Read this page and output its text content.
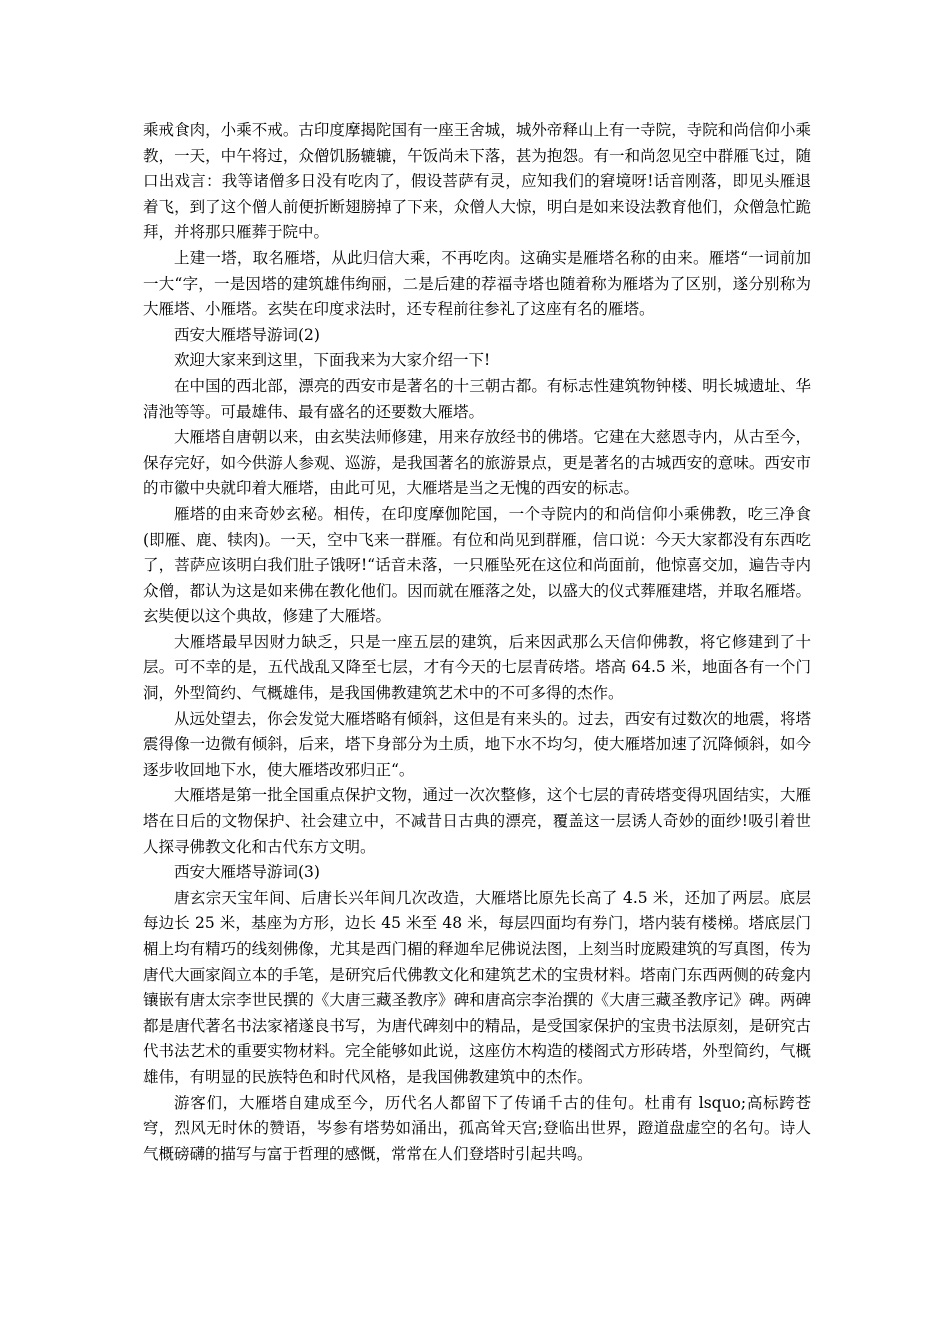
乘戒食肉，小乘不戒。古印度摩揭陀国有一座王舍城，城外帝释山上有一寺院，寺院和尚信仰小乘教，一天，中午将过，众僧饥肠辘辘，午饭尚未下落，甚为抱怨。有一和尚忽见空中群雁飞过，随口出戏言：我等诸僧多日没有吃肉了，假设菩萨有灵，应知我们的窘境呀!话音刚落，即见头雁退着飞，到了这个僧人前便折断翅膀掉了下来，众僧人大惊，明白是如来设法教育他们，众僧急忙跪拜，并将那只雁葬于院中。

上建一塔，取名雁塔，从此归信大乘，不再吃肉。这确实是雁塔名称的由来。雁塔“一词前加一大“字，一是因塔的建筑雄伟绚丽，二是后建的荐福寺塔也随着称为雁塔为了区别，遂分别称为大雁塔、小雁塔。玄奘在印度求法时，还专程前往参礼了这座有名的雁塔。

西安大雁塔导游词(2)

欢迎大家来到这里，下面我来为大家介绍一下!

在中国的西北部，漂亮的西安市是著名的十三朝古都。有标志性建筑物钟楼、明长城遗址、华清池等等。可最雄伟、最有盛名的还要数大雁塔。

大雁塔自唐朝以来，由玄奘法师修建，用来存放经书的佛塔。它建在大慈恩寺内，从古至今，保存完好，如今供游人参观、巡游，是我国著名的旅游景点，更是著名的古城西安的意味。西安市的市徽中央就印着大雁塔，由此可见，大雁塔是当之无愧的西安的标志。

雁塔的由来奇妙玄秘。相传，在印度摩伽陀国，一个寺院内的和尚信仰小乘佛教，吃三净食(即雁、鹿、犊肉)。一天，空中飞来一群雁。有位和尚见到群雁，信口说：今天大家都没有东西吃了，菩萨应该明白我们肚子饿呀!“话音未落，一只雁坠死在这位和尚面前，他惊喜交加，遍告寺内众僧，都认为这是如来佛在教化他们。因而就在雁落之处，以盛大的仪式葬雁建塔，并取名雁塔。玄奘便以这个典故，修建了大雁塔。

大雁塔最早因财力缺乏，只是一座五层的建筑，后来因武那么天信仰佛教，将它修建到了十层。可不幸的是，五代战乱又降至七层，才有今天的七层青砖塔。塔高 64.5 米，地面各有一个门洞，外型简约、气概雄伟，是我国佛教建筑艺术中的不可多得的杰作。

从远处望去，你会发觉大雁塔略有倾斜，这但是有来头的。过去，西安有过数次的地震，将塔震得像一边微有倾斜，后来，塔下身部分为土质，地下水不均匀，使大雁塔加速了沉降倾斜，如今逐步收回地下水，使大雁塔改邪归正“。

大雁塔是第一批全国重点保护文物，通过一次次整修，这个七层的青砖塔变得巩固结实，大雁塔在日后的文物保护、社会建立中，不减昔日古典的漂亮，覆盖这一层诱人奇妙的面纱!吸引着世人探寻佛教文化和古代东方文明。

西安大雁塔导游词(3)

唐玄宗天宝年间、后唐长兴年间几次改造，大雁塔比原先长高了 4.5 米，还加了两层。底层每边长 25 米，基座为方形，边长 45 米至 48 米，每层四面均有券门，塔内装有楼梯。塔底层门楣上均有精巧的线刻佛像，尤其是西门楣的释迦牟尼佛说法图，上刻当时庞殿建筑的写真图，传为唐代大画家阎立本的手笔，是研究后代佛教文化和建筑艺术的宝贵材料。塔南门东西两侧的砖龛内镶嵌有唐太宗李世民撰的《大唐三藏圣教序》碑和唐高宗李治撰的《大唐三藏圣教序记》碑。两碑都是唐代著名书法家褚遂良书写，为唐代碑刻中的精品，是受国家保护的宝贵书法原刻，是研究古代书法艺术的重要实物材料。完全能够如此说，这座仿木构造的楼阁式方形砖塔，外型简约，气概雄伟，有明显的民族特色和时代风格，是我国佛教建筑中的杰作。

游客们，大雁塔自建成至今，历代名人都留下了传诵千古的佳句。杜甫有 lsquo;高标跨苍穹，烈风无时休的赞语，岑参有塔势如涌出，孤高耸天宫;登临出世界，蹬道盘虚空的名句。诗人气概磅礴的描写与富于哲理的感慨，常常在人们登塔时引起共鸣。
